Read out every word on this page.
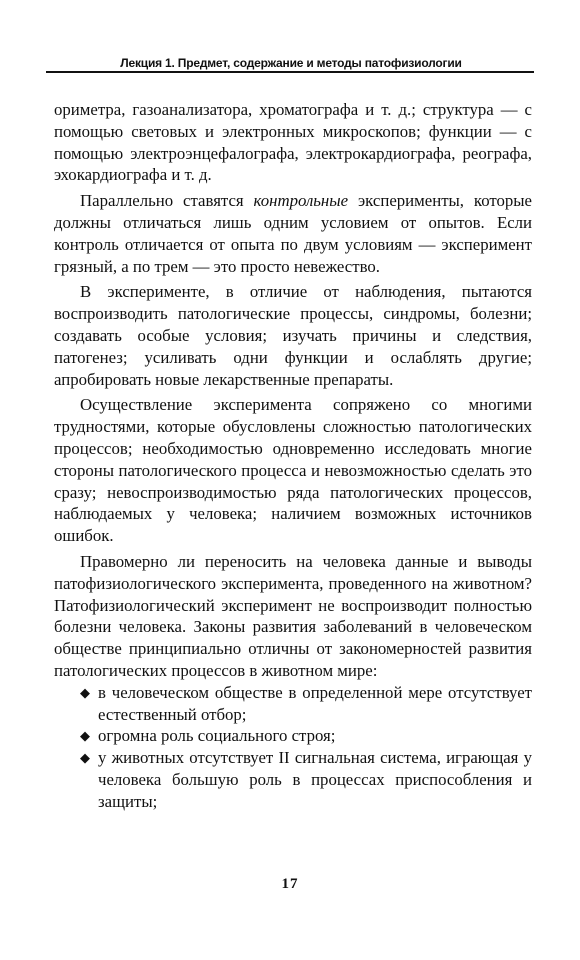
Лекция 1. Предмет, содержание и методы патофизиологии

ориметра, газоанализатора, хроматографа и т. д.; структура — с помощью световых и электронных микроскопов; функции — с помощью электроэнцефалографа, электрокардиографа, реографа, эхокардиографа и т. д.

Параллельно ставятся контрольные эксперименты, которые должны отличаться лишь одним условием от опытов. Если контроль отличается от опыта по двум условиям — эксперимент грязный, а по трем — это просто невежество.

В эксперименте, в отличие от наблюдения, пытаются воспроизводить патологические процессы, синдромы, болезни; создавать особые условия; изучать причины и следствия, патогенез; усиливать одни функции и ослаблять другие; апробировать новые лекарственные препараты.

Осуществление эксперимента сопряжено со многими трудностями, которые обусловлены сложностью патологических процессов; необходимостью одновременно исследовать многие стороны патологического процесса и невозможностью сделать это сразу; невоспроизводимостью ряда патологических процессов, наблюдаемых у человека; наличием возможных источников ошибок.

Правомерно ли переносить на человека данные и выводы патофизиологического эксперимента, проведенного на животном? Патофизиологический эксперимент не воспроизводит полностью болезни человека. Законы развития заболеваний в человеческом обществе принципиально отличны от закономерностей развития патологических процессов в животном мире:

◆ в человеческом обществе в определенной мере отсутствует естественный отбор;
◆ огромна роль социального строя;
◆ у животных отсутствует II сигнальная система, играющая у человека большую роль в процессах приспособления и защиты;
17
